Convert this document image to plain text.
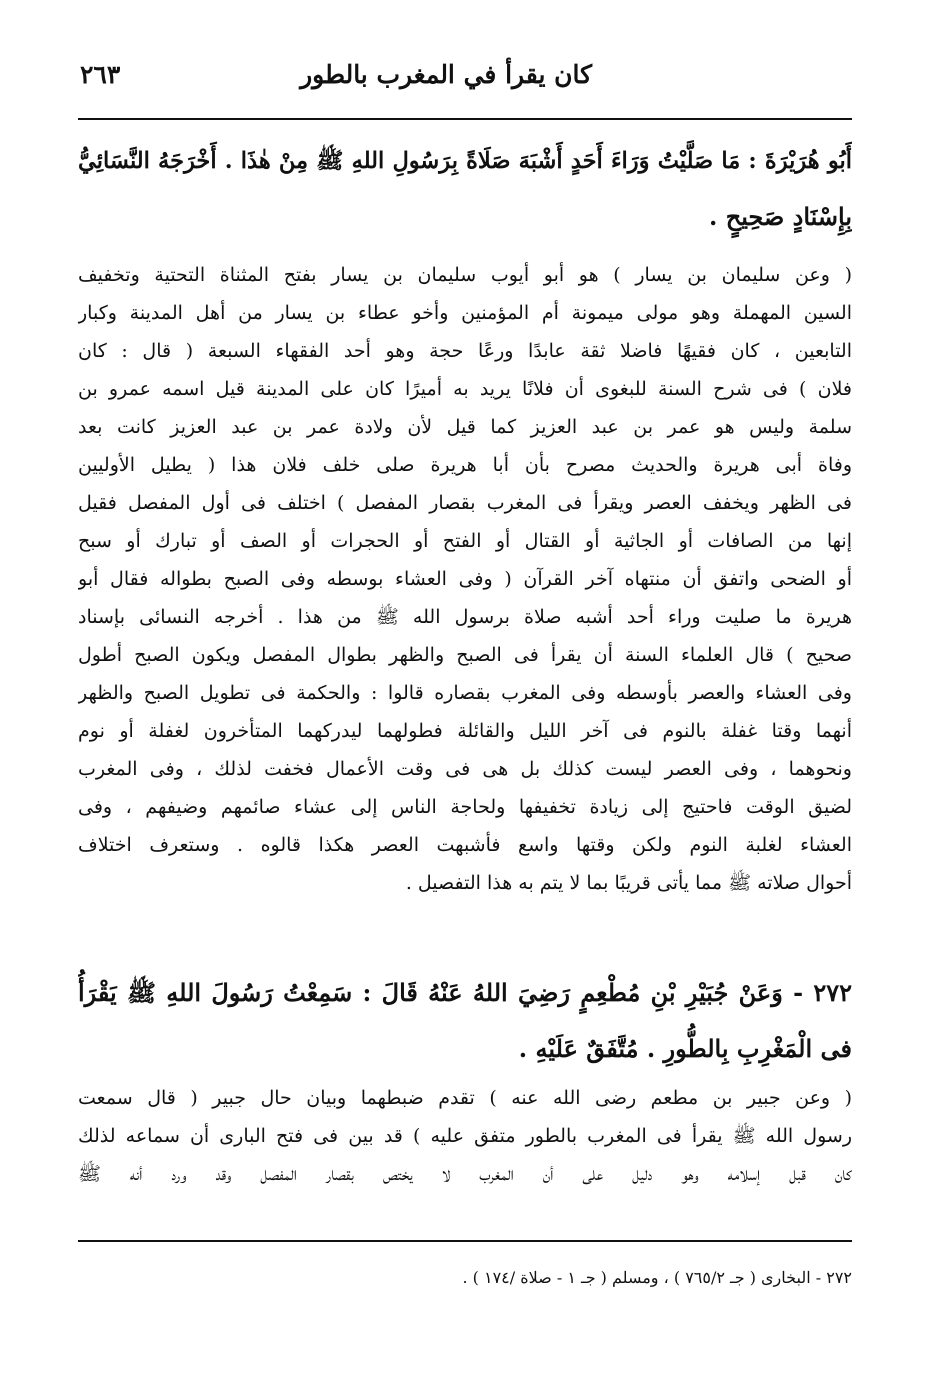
كان يقرأ في المغرب بالطور
٢٦٣
أَبُو هُرَيْرَةَ : مَا صَلَّيْتُ وَرَاءَ أَحَدٍ أَشْبَهَ صَلَاةً بِرَسُولِ اللهِ ﷺ مِنْ هٰذَا . أَخْرَجَهُ النَّسَائِيُّ
بِإِسْنَادٍ صَحِيحٍ .
( وعن سليمان بن يسار ) هو أبو أيوب سليمان بن يسار بفتح المثناة التحتية وتخفيف
السين المهملة وهو مولى ميمونة أم المؤمنين وأخو عطاء بن يسار من أهل المدينة وكبار
التابعين ، كان فقيهًا فاضلا ثقة عابدًا ورعًا حجة وهو أحد الفقهاء السبعة ( قال : كان
فلان ) فى شرح السنة للبغوى أن فلانًا يريد به أميرًا كان على المدينة قيل اسمه عمرو بن
سلمة وليس هو عمر بن عبد العزيز كما قيل لأن ولادة عمر بن عبد العزيز كانت بعد
وفاة أبى هريرة والحديث مصرح بأن أبا هريرة صلى خلف فلان هذا ( يطيل الأوليين
فى الظهر ويخفف العصر ويقرأ فى المغرب بقصار المفصل ) اختلف فى أول المفصل فقيل
إنها من الصافات أو الجاثية أو القتال أو الفتح أو الحجرات أو الصف أو تبارك أو سبح
أو الضحى واتفق أن منتهاه آخر القرآن ( وفى العشاء بوسطه وفى الصبح بطواله فقال أبو
هريرة ما صليت وراء أحد أشبه صلاة برسول الله ﷺ من هذا . أخرجه النسائى بإسناد
صحيح ) قال العلماء السنة أن يقرأ فى الصبح والظهر بطوال المفصل ويكون الصبح أطول
وفى العشاء والعصر بأوسطه وفى المغرب بقصاره قالوا : والحكمة فى تطويل الصبح والظهر
أنهما وقتا غفلة بالنوم فى آخر الليل والقائلة فطولهما ليدركهما المتأخرون لغفلة أو نوم
ونحوهما ، وفى العصر ليست كذلك بل هى فى وقت الأعمال فخفت لذلك ، وفى المغرب
لضيق الوقت فاحتيج إلى زيادة تخفيفها ولحاجة الناس إلى عشاء صائمهم وضيفهم ، وفى
العشاء لغلبة النوم ولكن وقتها واسع فأشبهت العصر هكذا قالوه . وستعرف اختلاف
أحوال صلاته ﷺ مما يأتى قريبًا بما لا يتم به هذا التفصيل .
٢٧٢ - وَعَنْ جُبَيْرِ بْنِ مُطْعِمٍ رَضِيَ اللهُ عَنْهُ قَالَ : سَمِعْتُ رَسُولَ اللهِ ﷺ يَقْرَأُ
فى الْمَغْرِبِ بِالطُّورِ . مُتَّفَقٌ عَلَيْهِ .
( وعن جبير بن مطعم رضى الله عنه ) تقدم ضبطهما وبيان حال جبير ( قال سمعت
رسول الله ﷺ يقرأ فى المغرب بالطور متفق عليه ) قد بين فى فتح البارى أن سماعه لذلك
كان قبل إسلامه وهو دليل على أن المغرب لا يختص بقصار المفصل وقد ورد أنه ﷺ
٢٧٢ - البخارى ( جـ ٧٦٥/٢ ) ، ومسلم ( جـ ١ - صلاة /١٧٤ ) .
